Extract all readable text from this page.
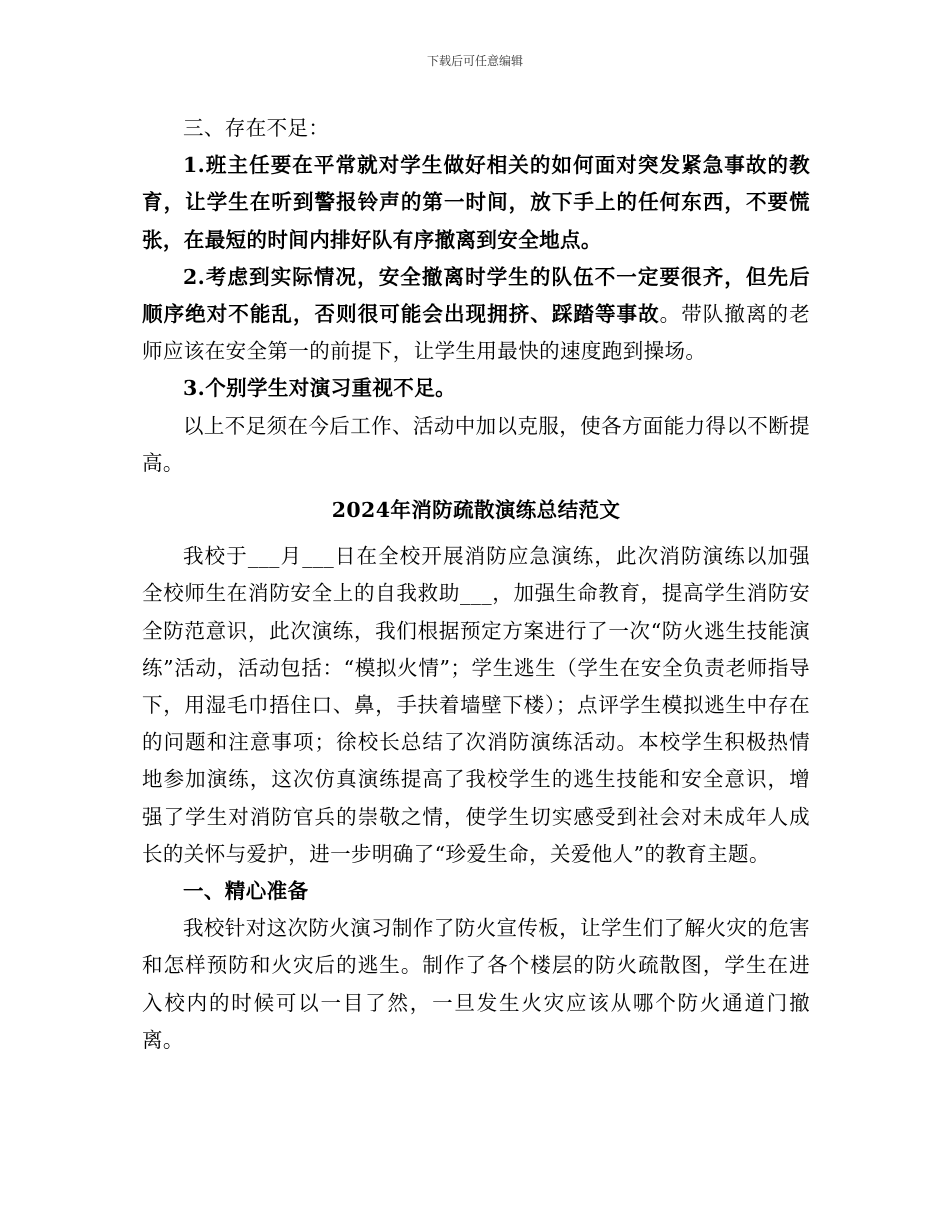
下载后可任意编辑

三、存在不足：

1.班主任要在平常就对学生做好相关的如何面对突发紧急事故的教育，让学生在听到警报铃声的第一时间，放下手上的任何东西，不要慌张，在最短的时间内排好队有序撤离到安全地点。

2.考虑到实际情况，安全撤离时学生的队伍不一定要很齐，但先后顺序绝对不能乱，否则很可能会出现拥挤、踩踏等事故。带队撤离的老师应该在安全第一的前提下，让学生用最快的速度跑到操场。

3.个别学生对演习重视不足。

以上不足须在今后工作、活动中加以克服，使各方面能力得以不断提高。

2024年消防疏散演练总结范文

我校于___月___日在全校开展消防应急演练，此次消防演练以加强全校师生在消防安全上的自我救助___，加强生命教育，提高学生消防安全防范意识，此次演练，我们根据预定方案进行了一次“防火逃生技能演练”活动，活动包括：“模拟火情”；学生逃生（学生在安全负责老师指导下，用湿毛巾捂住口、鼻，手扶着墙壁下楼）；点评学生模拟逃生中存在的问题和注意事项；徐校长总结了次消防演练活动。本校学生积极热情地参加演练，这次仿真演练提高了我校学生的逃生技能和安全意识，增强了学生对消防官兵的崇敬之情，使学生切实感受到社会对未成年人成长的关怀与爱护，进一步明确了“珍爱生命，关爱他人”的教育主题。

一、精心准备

我校针对这次防火演习制作了防火宣传板，让学生们了解火灾的危害和怎样预防和火灾后的逃生。制作了各个楼层的防火疏散图，学生在进入校内的时候可以一目了然，一旦发生火灾应该从哪个防火通道门撤离。
